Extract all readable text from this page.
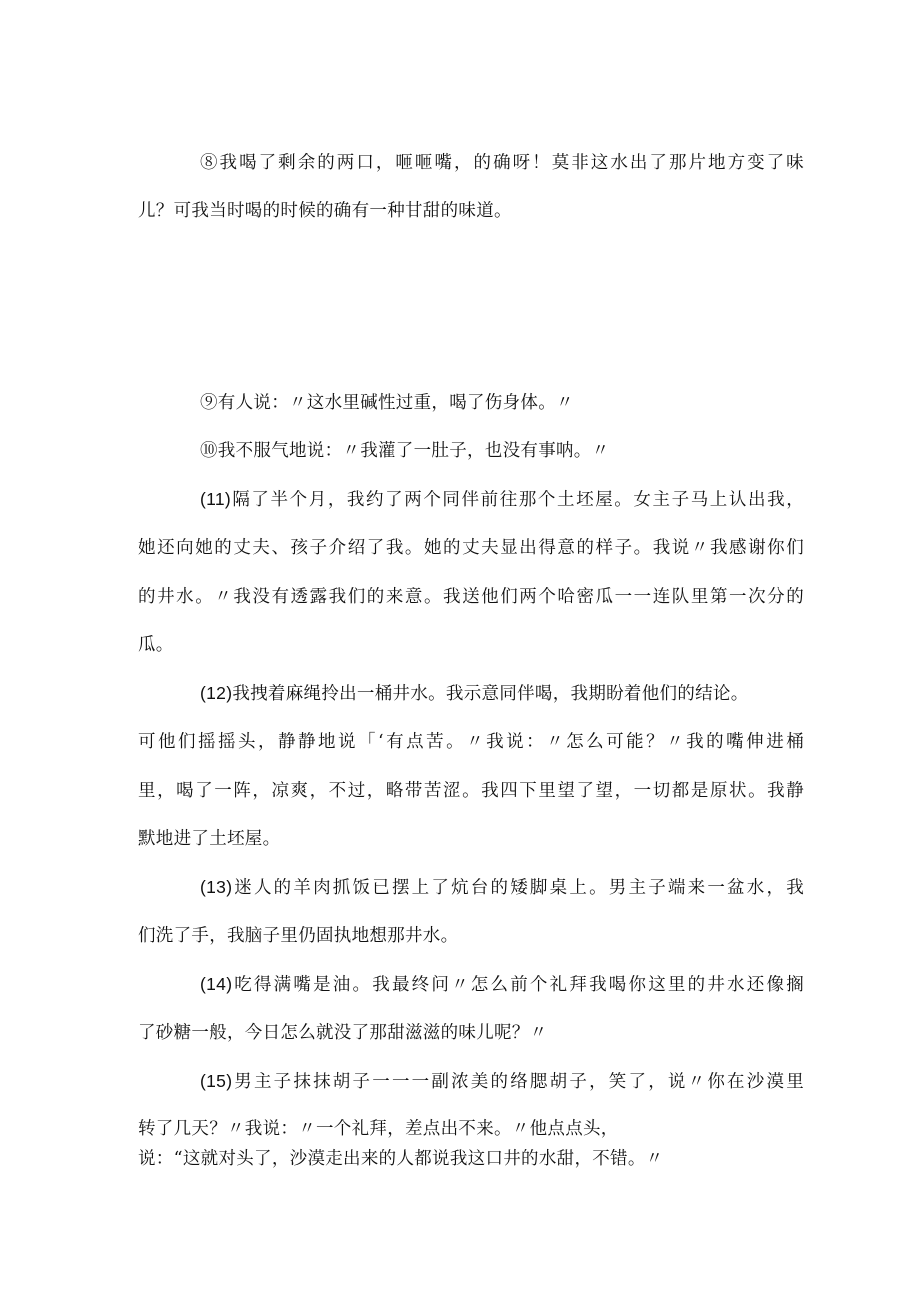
⑧我喝了剩余的两口，咂咂嘴，的确呀！莫非这水出了那片地方变了味
儿？可我当时喝的时候的确有一种甘甜的味道。
⑨有人说：〃这水里碱性过重，喝了伤身体。〃
⑩我不服气地说：〃我灌了一肚子，也没有事呐。〃
(11)隔了半个月，我约了两个同伴前往那个土坯屋。女主子马上认出我，
她还向她的丈夫、孩子介绍了我。她的丈夫显出得意的样子。我说〃我感谢你们
的井水。〃我没有透露我们的来意。我送他们两个哈密瓜一一连队里第一次分的
瓜。
(12)我拽着麻绳拎出一桶井水。我示意同伴喝，我期盼着他们的结论。
可他们摇摇头，静静地说「‘有点苦。〃我说：〃怎么可能？〃我的嘴伸进桶
里，喝了一阵，凉爽，不过，略带苦涩。我四下里望了望，一切都是原状。我静
默地进了土坯屋。
(13)迷人的羊肉抓饭已摆上了炕台的矮脚桌上。男主子端来一盆水，我
们洗了手，我脑子里仍固执地想那井水。
(14)吃得满嘴是油。我最终问〃怎么前个礼拜我喝你这里的井水还像搁
了砂糖一般，今日怎么就没了那甜滋滋的味儿呢？〃
(15)男主子抹抹胡子一一一副浓美的络腮胡子，笑了，说〃你在沙漠里
转了几天？〃我说：〃一个礼拜，差点出不来。〃他点点头，
说：“这就对头了，沙漠走出来的人都说我这口井的水甜，不错。〃
